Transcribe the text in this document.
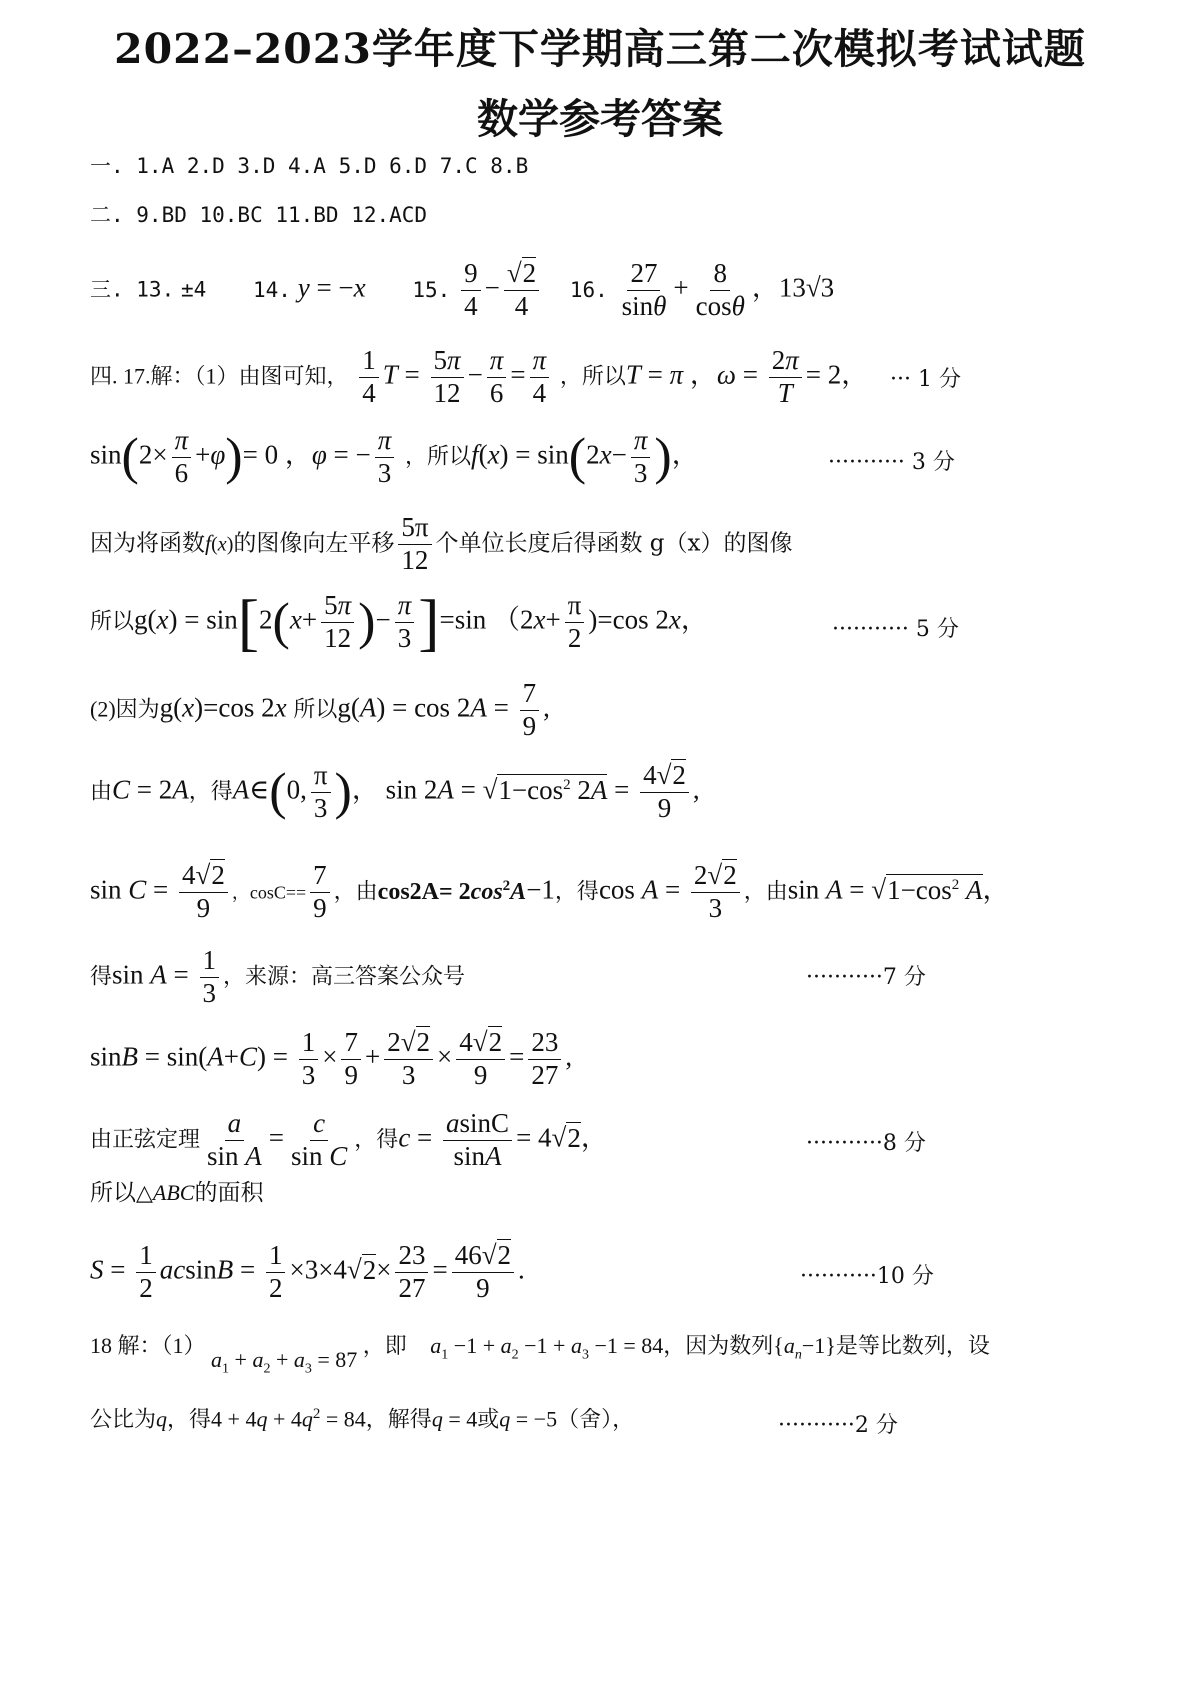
2022–2023学年度下学期高三第二次模拟考试试题
数学参考答案
一. 1.A 2.D 3.D 4.A 5.D 6.D 7.C 8.B
二. 9.BD 10.BC 11.BD 12.ACD
三. 13. ±4 14. y = −x 15. $\frac{9}{4} - \frac{√2}{4} 16$. $\frac{27}{\sin\theta} + \frac{8}{\cos\theta}$ ，13√3
四. 17.解：（1）由图可知， $\frac{1}{4}$ $T = \frac{5\pi}{12} - \frac{\pi}{6} = \frac{\pi}{4}$ ，所以T = π ，$\omega = \frac{2\pi}{T} = 2$， ··· 1 分
$\sin(2\times \frac{\pi}{6} +\varphi)= 0$ ，φ = − $\frac{\pi}{3}$ ，所以$f(x) = \sin(2x- \frac{\pi}{3}$ )，	··········· 3 分
因为将函数f(x)的图像向左平移 $\frac{5\pi}{12}$ 个单位长度后得函数 g（x）的图像
所以$g(x) = \sin[2(x+ \frac{5\pi}{12}$ )− $\frac{\pi}{3} ]=\sin$ $(2x+ \frac{\pi}{2} )=\cos$ 2x，	··········· 5 分
(2)因为g(x)=cos 2x 所以$g(A) = \cos 2A = \frac{7}{9}$ ,
由C = 2A，得A∈(0, $\frac{\pi}{3}$ )， $\sin 2A = √1-\cos^2$ $2A = \frac{4√2}{9}$ ,
$\sin C = \frac{4√2}{9}$ ，$\cos C== \frac{7}{9}$ ，由$\cos 2A= 2\cos^2A-1$，得$\cos A = \frac{2√2}{3}$ ，由$\sin A = √1-\cos^2$ A，
得$\sin A = \frac{1}{3}$ ，来源：高三答案公众号	···········7 分
$\sin B = \sin(A+C) = \frac{1}{3} \times \frac{7}{9} + \frac{2√2}{3} \times \frac{4√2}{9} = \frac{23}{27}$ ,
由正弦定理 $\frac{a}{\text{sin A}} = \frac{c}{\text{sin C}}$ ，得$c = \frac{asinC}{\sin A} = 4√2$，	···········8 分
所以△ABC的面积
$S = \frac{1}{2}$ $acsinB = \frac{1}{2} \times 3\times 4√2\times \frac{23}{27} = \frac{46√2}{9}$ .	···········10 分
18 解：（1） $a_1 + a_2 + a_3 = 87$ ，即 $a_1 -1 + a_2 -1 + a_3 -1 = 84$，因为数列$\{a_n-1\}$是等比数列，设
公比为q，得$4 + 4q + 4q^2 = 84$，解得q = 4或q = −5（舍），	···········2 分
